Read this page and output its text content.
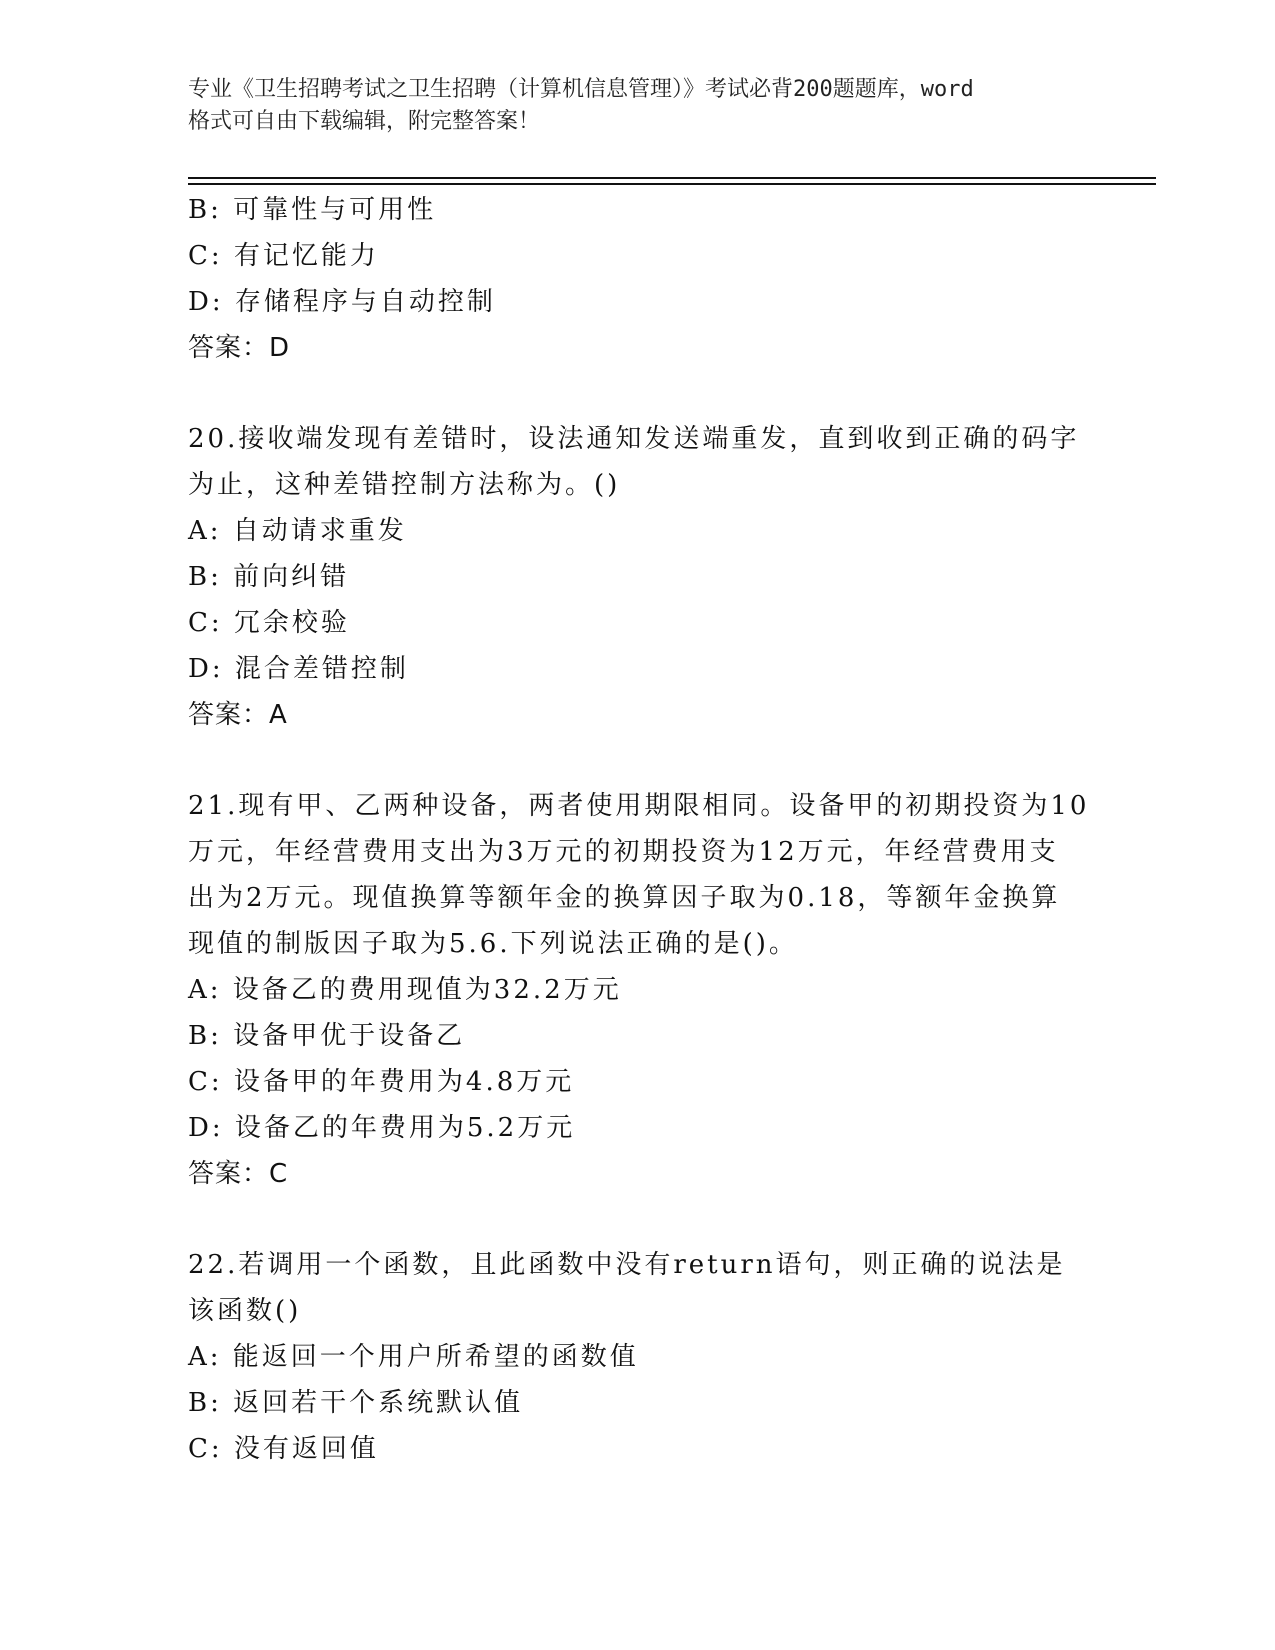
专业《卫生招聘考试之卫生招聘（计算机信息管理）》考试必背200题题库，word
格式可自由下载编辑，附完整答案！
B: 可靠性与可用性
C: 有记忆能力
D: 存储程序与自动控制
答案：D
20.接收端发现有差错时，设法通知发送端重发，直到收到正确的码字
为止，这种差错控制方法称为。()
A: 自动请求重发
B: 前向纠错
C: 冗余校验
D: 混合差错控制
答案：A
21.现有甲、乙两种设备，两者使用期限相同。设备甲的初期投资为10
万元，年经营费用支出为3万元的初期投资为12万元，年经营费用支
出为2万元。现值换算等额年金的换算因子取为0.18，等额年金换算
现值的制版因子取为5.6.下列说法正确的是()。
A: 设备乙的费用现值为32.2万元
B: 设备甲优于设备乙
C: 设备甲的年费用为4.8万元
D: 设备乙的年费用为5.2万元
答案：C
22.若调用一个函数，且此函数中没有return语句，则正确的说法是
该函数()
A: 能返回一个用户所希望的函数值
B: 返回若干个系统默认值
C: 没有返回值
